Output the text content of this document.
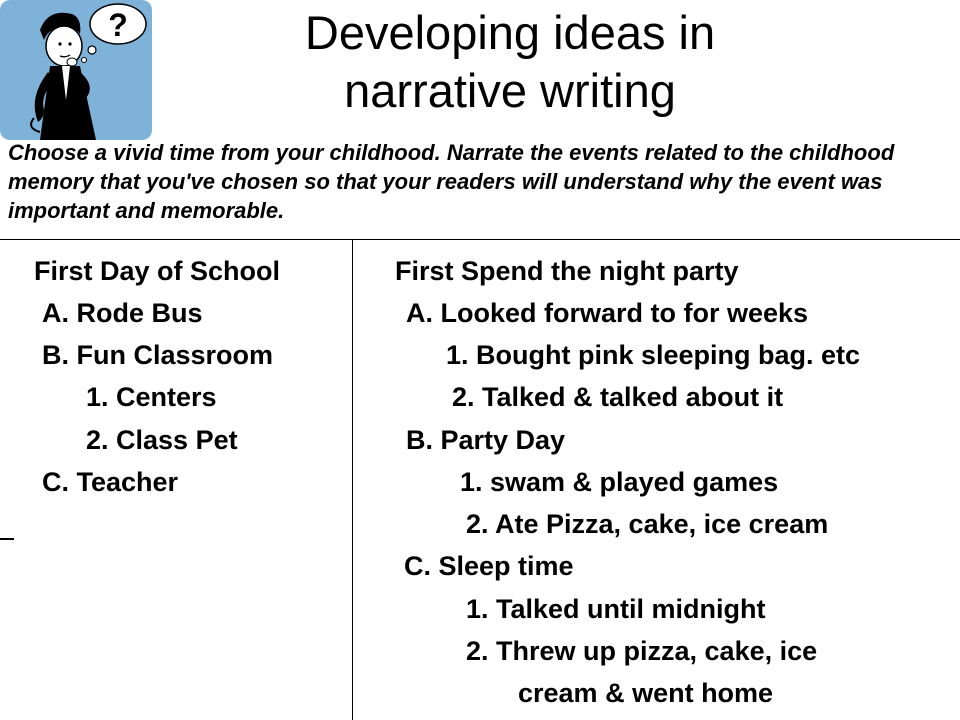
?	Developing ideas in
narrative writing
Choose a vivid time from your childhood. Narrate the events related to the childhood memory that you've chosen so that your readers will understand why the event was important and memorable.
First Day of School
A. Rode Bus
B. Fun Classroom
1. Centers
2. Class Pet
C. Teacher
First Spend the night party
A. Looked forward to for weeks
1. Bought pink sleeping bag. etc
2. Talked & talked about it
B. Party Day
1. swam & played games
2. Ate Pizza, cake, ice cream
C. Sleep time
1. Talked until midnight
2. Threw up pizza, cake, ice
cream & went home
